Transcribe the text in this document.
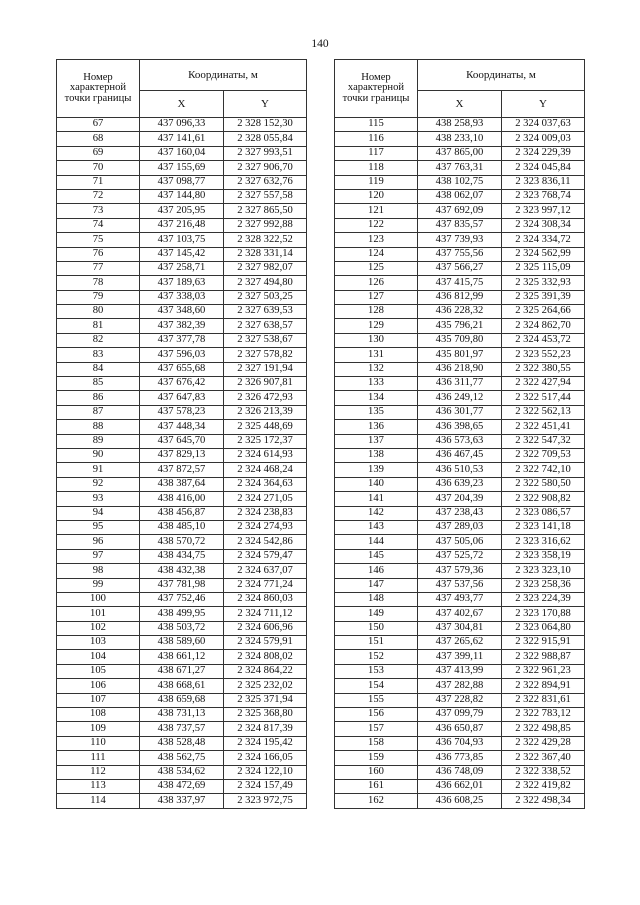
140
Номер характерной точки границы	Координаты, м	
	X	Y
67	437 096,33	2 328 152,30
68	437 141,61	2 328 055,84
69	437 160,04	2 327 993,51
70	437 155,69	2 327 906,70
71	437 098,77	2 327 632,76
72	437 144,80	2 327 557,58
73	437 205,95	2 327 865,50
74	437 216,48	2 327 992,88
75	437 103,75	2 328 322,52
76	437 145,42	2 328 331,14
77	437 258,71	2 327 982,07
78	437 189,63	2 327 494,80
79	437 338,03	2 327 503,25
80	437 348,60	2 327 639,53
81	437 382,39	2 327 638,57
82	437 377,78	2 327 538,67
83	437 596,03	2 327 578,82
84	437 655,68	2 327 191,94
85	437 676,42	2 326 907,81
86	437 647,83	2 326 472,93
87	437 578,23	2 326 213,39
88	437 448,34	2 325 448,69
89	437 645,70	2 325 172,37
90	437 829,13	2 324 614,93
91	437 872,57	2 324 468,24
92	438 387,64	2 324 364,63
93	438 416,00	2 324 271,05
94	438 456,87	2 324 238,83
95	438 485,10	2 324 274,93
96	438 570,72	2 324 542,86
97	438 434,75	2 324 579,47
98	438 432,38	2 324 637,07
99	437 781,98	2 324 771,24
100	437 752,46	2 324 860,03
101	438 499,95	2 324 711,12
102	438 503,72	2 324 606,96
103	438 589,60	2 324 579,91
104	438 661,12	2 324 808,02
105	438 671,27	2 324 864,22
106	438 668,61	2 325 232,02
107	438 659,68	2 325 371,94
108	438 731,13	2 325 368,80
109	438 737,57	2 324 817,39
110	438 528,48	2 324 195,42
111	438 562,75	2 324 166,05
112	438 534,62	2 324 122,10
113	438 472,69	2 324 157,49
114	438 337,97	2 323 972,75
Номер характерной точки границы	Координаты, м	
	X	Y
115	438 258,93	2 324 037,63
116	438 233,10	2 324 009,03
117	437 865,00	2 324 229,39
118	437 763,31	2 324 045,84
119	438 102,75	2 323 836,11
120	438 062,07	2 323 768,74
121	437 692,09	2 323 997,12
122	437 835,57	2 324 308,34
123	437 739,93	2 324 334,72
124	437 755,56	2 324 562,99
125	437 566,27	2 325 115,09
126	437 415,75	2 325 332,93
127	436 812,99	2 325 391,39
128	436 228,32	2 325 264,66
129	435 796,21	2 324 862,70
130	435 709,80	2 324 453,72
131	435 801,97	2 323 552,23
132	436 218,90	2 322 380,55
133	436 311,77	2 322 427,94
134	436 249,12	2 322 517,44
135	436 301,77	2 322 562,13
136	436 398,65	2 322 451,41
137	436 573,63	2 322 547,32
138	436 467,45	2 322 709,53
139	436 510,53	2 322 742,10
140	436 639,23	2 322 580,50
141	437 204,39	2 322 908,82
142	437 238,43	2 323 086,57
143	437 289,03	2 323 141,18
144	437 505,06	2 323 316,62
145	437 525,72	2 323 358,19
146	437 579,36	2 323 323,10
147	437 537,56	2 323 258,36
148	437 493,77	2 323 224,39
149	437 402,67	2 323 170,88
150	437 304,81	2 323 064,80
151	437 265,62	2 322 915,91
152	437 399,11	2 322 988,87
153	437 413,99	2 322 961,23
154	437 282,88	2 322 894,91
155	437 228,82	2 322 831,61
156	437 099,79	2 322 783,12
157	436 650,87	2 322 498,85
158	436 704,93	2 322 429,28
159	436 773,85	2 322 367,40
160	436 748,09	2 322 338,52
161	436 662,01	2 322 419,82
162	436 608,25	2 322 498,34
